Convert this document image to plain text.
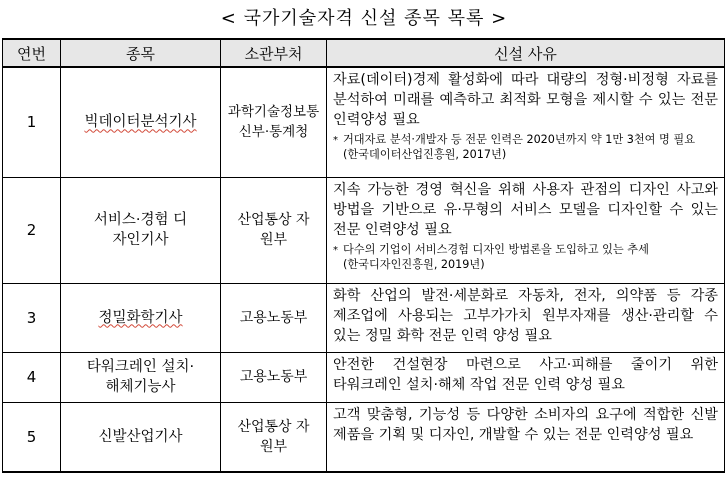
< 국가기술자격 신설 종목 목록 >
연번	종목	소관부처	신설 사유
1	빅데이터분석기사	과학기술정보통신부·통계청	자료(데이터)경제 활성화에 따라 대량의 정형·비정형 자료를 분석하여 미래를 예측하고 최적화 모형을 제시할 수 있는 전문 인력양성 필요
* 거대자료 분석·개발자 등 전문 인력은 2020년까지 약 1만 3천여 명 필요(한국데이터산업진흥원, 2017년)

2	서비스·경험 디자인기사	산업통상 자원부	지속 가능한 경영 혁신을 위해 사용자 관점의 디자인 사고와 방법을 기반으로 유·무형의 서비스 모델을 디자인할 수 있는 전문 인력양성 필요
* 다수의 기업이 서비스경험 디자인 방법론을 도입하고 있는 추세(한국디자인진흥원, 2019년)

3	정밀화학기사	고용노동부	화학 산업의 발전·세분화로 자동차, 전자, 의약품 등 각종 제조업에 사용되는 고부가가치 원부자재를 생산·관리할 수 있는 정밀 화학 전문 인력 양성 필요

4	타워크레인 설치·해체기능사	고용노동부	안전한 건설현장 마련으로 사고·피해를 줄이기 위한 타워크레인 설치·해체 작업 전문 인력 양성 필요

5	신발산업기사	산업통상 자원부	고객 맞춤형, 기능성 등 다양한 소비자의 요구에 적합한 신발 제품을 기획 및 디자인, 개발할 수 있는 전문 인력양성 필요
